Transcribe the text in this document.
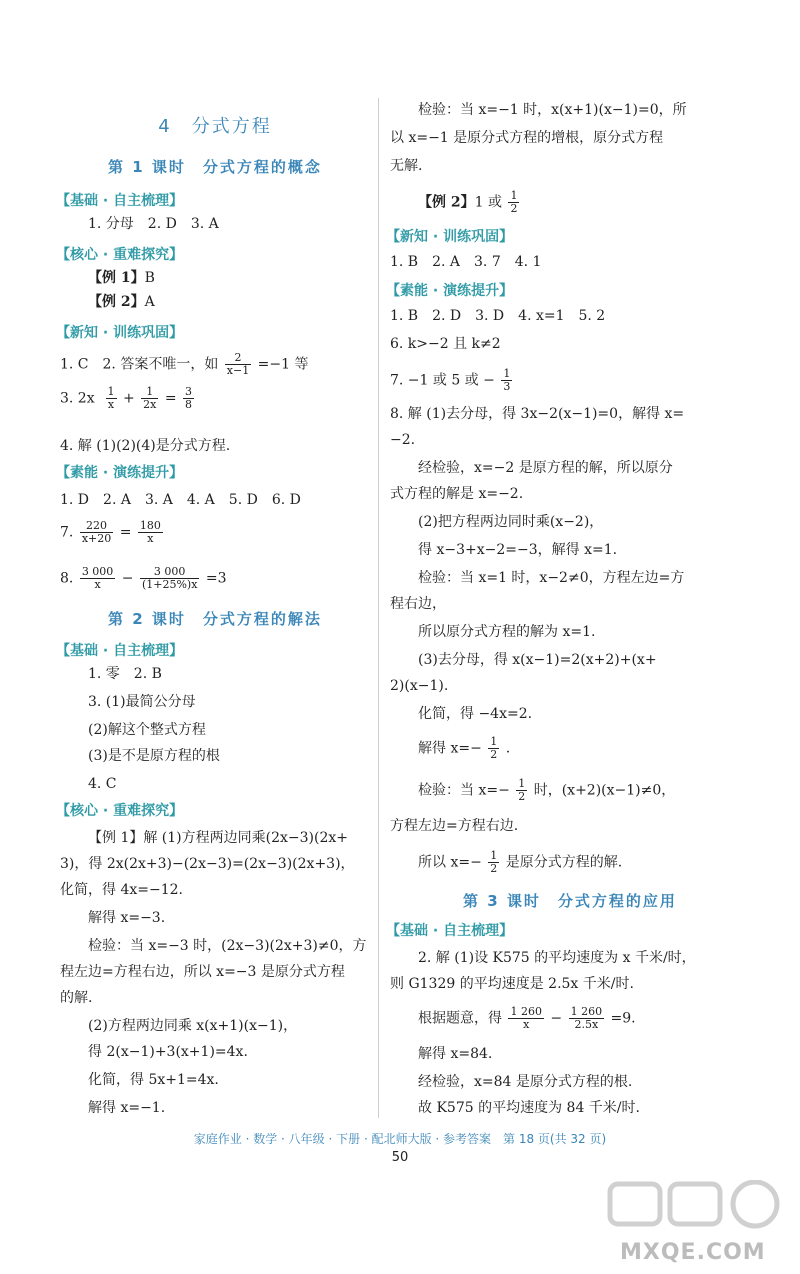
4　分式方程
第 1 课时　分式方程的概念
【基础 · 自主梳理】
1. 分母　2. D　3. A
【核心 · 重难探究】
【例 1】B
【例 2】A
【新知 · 训练巩固】
1. C　2. 答案不唯一，如 $\frac{2}{x-1} =-1$ 等
3. $2x \frac{1}{x} + \frac{1}{2x} = \frac{3}{8}$
4. 解 (1)(2)(4)是分式方程.
【素能 · 演练提升】
1. D　2. A　3. A　4. A　5. D　6. D
7. $\frac{220}{x+20} = \frac{180}{x}$
8. $\frac{3 000}{x} - \frac{3 000}{(1+25\%)x} =3$
第 2 课时　分式方程的解法
【基础 · 自主梳理】
1. 零　2. B
3. (1)最简公分母
(2)解这个整式方程
(3)是不是原方程的根
4. C
【核心 · 重难探究】
【例 1】解 (1)方程两边同乘(2x−3)(2x+
3)，得 2x(2x+3)−(2x−3)=(2x−3)(2x+3)，
化简，得 4x=−12.
解得 x=−3.
检验：当 x=−3 时，(2x−3)(2x+3)≠0，方
程左边=方程右边，所以 x=−3 是原分式方程
的解.
(2)方程两边同乘 x(x+1)(x−1)，
得 2(x−1)+3(x+1)=4x.
化简，得 5x+1=4x.
解得 x=−1.
检验：当 x=−1 时，x(x+1)(x−1)=0，所
以 x=−1 是原分式方程的增根，原分式方程
无解.
【例 2】1 或 $\frac{1}{2}$
【新知 · 训练巩固】
1. B　2. A　3. 7　4. 1
【素能 · 演练提升】
1. B　2. D　3. D　4. x=1　5. 2
6. k>−2 且 k≠2
7. −1 或 5 或 − $\frac{1}{3}$
8. 解 (1)去分母，得 3x−2(x−1)=0，解得 x=
−2.
经检验，x=−2 是原方程的解，所以原分
式方程的解是 x=−2.
(2)把方程两边同时乘(x−2)，
得 x−3+x−2=−3，解得 x=1.
检验：当 x=1 时，x−2≠0，方程左边=方
程右边，
所以原分式方程的解为 x=1.
(3)去分母，得 x(x−1)=2(x+2)+(x+
2)(x−1).
化简，得 −4x=2.
解得 $x=- \frac{1}{2}$ .
检验：当 $x=- \frac{1}{2}$ 时，(x+2)(x−1)≠0，
方程左边=方程右边.
所以 $x=- \frac{1}{2}$ 是原分式方程的解.
第 3 课时　分式方程的应用
【基础 · 自主梳理】
2. 解 (1)设 K575 的平均速度为 x 千米/时，
则 G1329 的平均速度是 2.5x 千米/时.
根据题意，得 $\frac{1 260}{x} - \frac{1 260}{2.5x} =9$.
解得 x=84.
经检验，x=84 是原分式方程的根.
故 K575 的平均速度为 84 千米/时.
家庭作业 · 数学 · 八年级 · 下册 · 配北师大版 · 参考答案　第 18 页(共 32 页)
50
MXQE.COM
